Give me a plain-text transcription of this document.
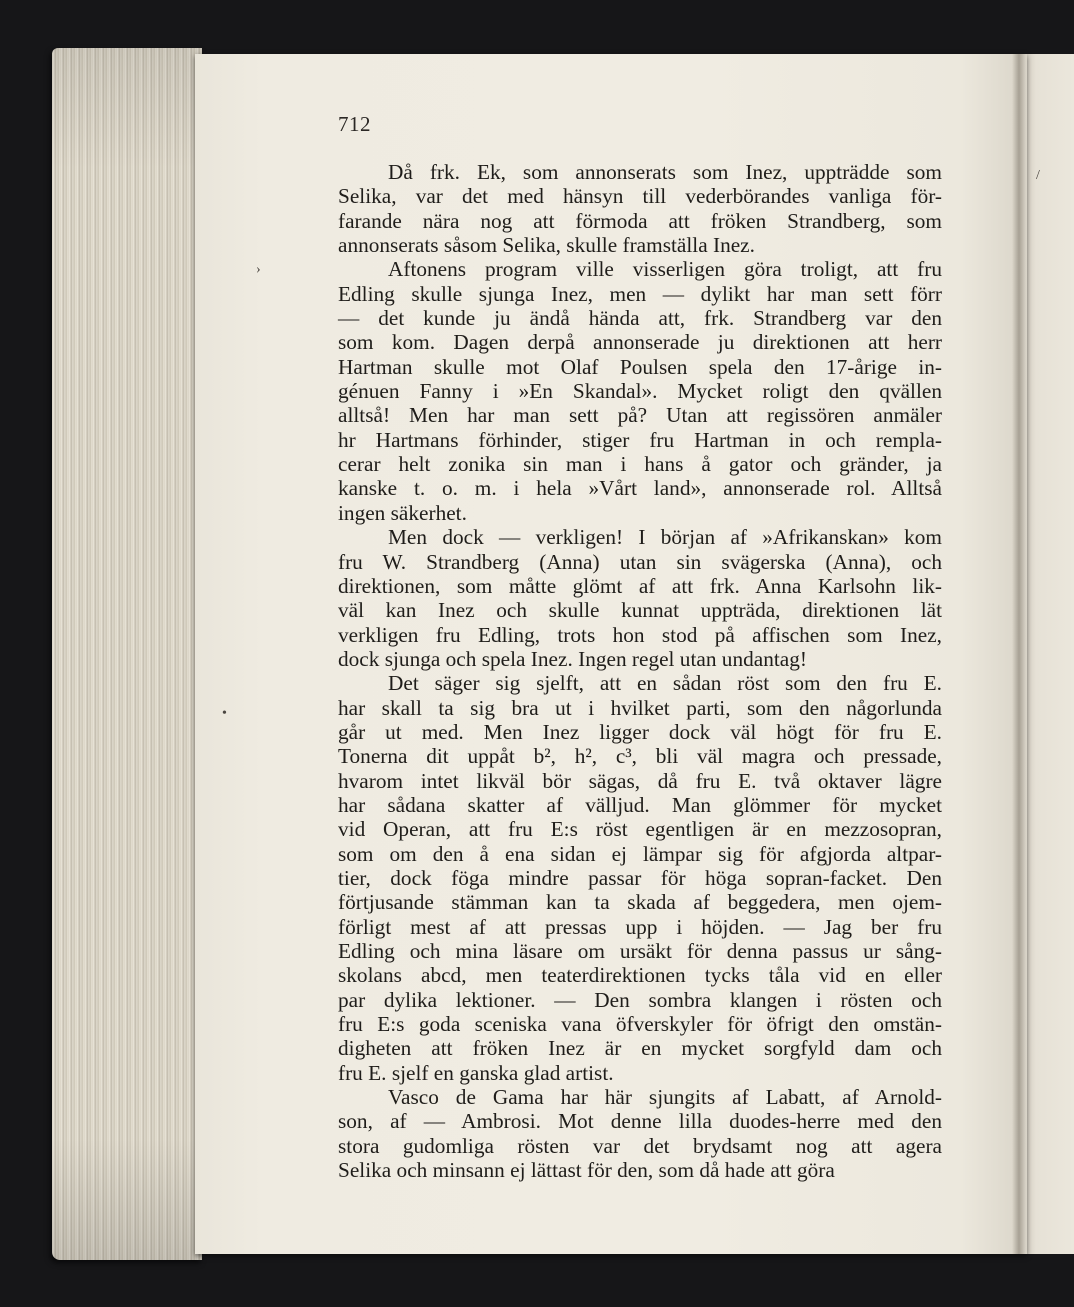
712

Då frk. Ek, som annonserats som Inez, uppträdde som
Selika, var det med hänsyn till vederbörandes vanliga för-
farande nära nog att förmoda att fröken Strandberg, som
annonserats såsom Selika, skulle framställa Inez.

Aftonens program ville visserligen göra troligt, att fru
Edling skulle sjunga Inez, men — dylikt har man sett förr
— det kunde ju ändå hända att, frk. Strandberg var den
som kom. Dagen derpå annonserade ju direktionen att herr
Hartman skulle mot Olaf Poulsen spela den 17-årige in-
génuen Fanny i »En Skandal». Mycket roligt den qvällen
alltså! Men har man sett på? Utan att regissören anmäler
hr Hartmans förhinder, stiger fru Hartman in och rempla-
cerar helt zonika sin man i hans å gator och gränder, ja
kanske t. o. m. i hela »Vårt land», annonserade rol. Alltså
ingen säkerhet.

Men dock — verkligen! I början af »Afrikanskan» kom
fru W. Strandberg (Anna) utan sin svägerska (Anna), och
direktionen, som måtte glömt af att frk. Anna Karlsohn lik-
väl kan Inez och skulle kunnat uppträda, direktionen lät
verkligen fru Edling, trots hon stod på affischen som Inez,
dock sjunga och spela Inez. Ingen regel utan undantag!

Det säger sig sjelft, att en sådan röst som den fru E.
har skall ta sig bra ut i hvilket parti, som den någorlunda
går ut med. Men Inez ligger dock väl högt för fru E.
Tonerna dit uppåt b², h², c³, bli väl magra och pressade,
hvarom intet likväl bör sägas, då fru E. två oktaver lägre
har sådana skatter af välljud. Man glömmer för mycket
vid Operan, att fru E:s röst egentligen är en mezzosopran,
som om den å ena sidan ej lämpar sig för afgjorda altpar-
tier, dock föga mindre passar för höga sopran-facket. Den
förtjusande stämman kan ta skada af beggedera, men ojem-
förligt mest af att pressas upp i höjden. — Jag ber fru
Edling och mina läsare om ursäkt för denna passus ur sång-
skolans abcd, men teaterdirektionen tycks tåla vid en eller
par dylika lektioner. — Den sombra klangen i rösten och
fru E:s goda sceniska vana öfverskyler för öfrigt den omstän-
digheten att fröken Inez är en mycket sorgfyld dam och
fru E. sjelf en ganska glad artist.

Vasco de Gama har här sjungits af Labatt, af Arnold-
son, af — Ambrosi. Mot denne lilla duodes-herre med den
stora gudomliga rösten var det brydsamt nog att agera
Selika och minsann ej lättast för den, som då hade att göra

›
/
•
